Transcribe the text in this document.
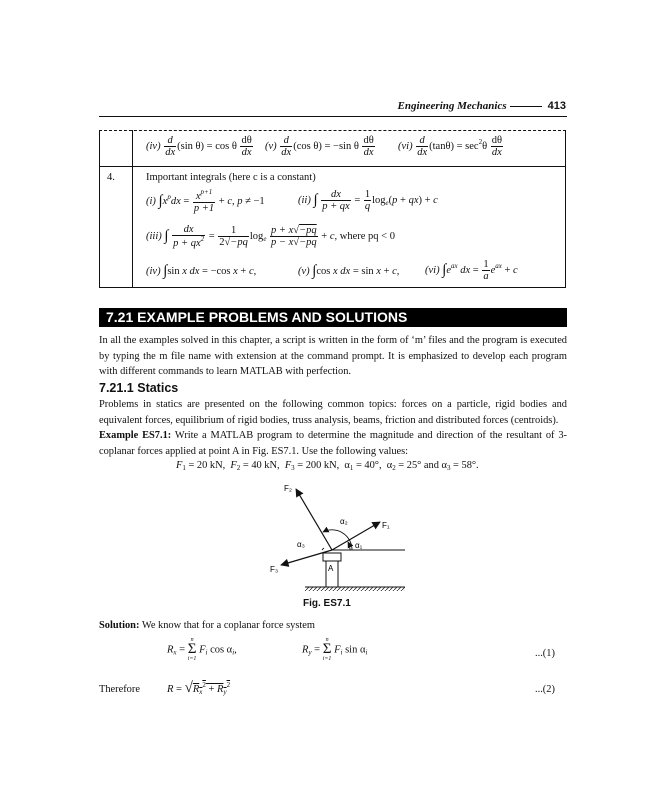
Engineering Mechanics	413
$(iv) \frac{d}{dx} (\sin$ θ) = cos θ $\frac{d\theta}{dx} (v) \frac{d}{dx} (\cos$ θ) = −sin θ $\frac{d\theta}{dx} (vi) \frac{d}{dx} (\tan\theta) = \sec^2\theta \frac{d\theta}{dx}$
4.	Important integrals (here c is a constant)
(i) $\int x^pdx = \frac{x^{p+1}}{p +1} + c$, p ≠ −1	(ii) ∫ $\frac{dx}{p + qx} = \frac{1}{q} \log_e(p + qx) + c$
(iii) ∫ $\frac{dx}{p + qx^2} = \frac{1}{2√-pq} \log_e \frac{p + x√-pq}{p - x√-pq} + c$, where pq < 0
(iv) ∫sin x dx = −cos x + c,	(v) ∫cos x dx = sin x + c, (vi) $\int e^{ax}$ dx = $\frac{1}{a} e^{ax} + c$
7.21 EXAMPLE PROBLEMS AND SOLUTIONS
In all the examples solved in this chapter, a script is written in the form of ‘m’ files and the program is executed by typing the m file name with extension at the command prompt. It is emphasized to develop each program with different commands to learn MATLAB with perfection.
7.21.1 Statics
Problems in statics are presented on the following common topics: forces on a particle, rigid bodies and equivalent forces, equilibrium of rigid bodies, truss analysis, beams, friction and distributed forces (centroids).
Example ES7.1: Write a MATLAB program to determine the magnitude and direction of the resultant of 3-coplanar forces applied at point A in Fig. ES7.1. Use the following values:
$F_1 = 20$ kN,  $F_2 = 40$ kN,  $F_3 = 200$ kN,  $\alpha_1 = 40^\circ$,  $\alpha_2 = 25^\circ$ and $\alpha_3 = 58^\circ$.
F₁
F₂
F₃
α₁
α₂
α₃
A
Fig. ES7.1
Solution: We know that for a coplanar force system
$R_x$ =
n
Σ
i=1
$F_i$ $\cos \alpha_i$,	$R_y$ =
n
Σ
i=1
$F_i$ $\sin \alpha_i$	...(1)
Therefore	$R = √R_x^2 + R_y^2$	...(2)
